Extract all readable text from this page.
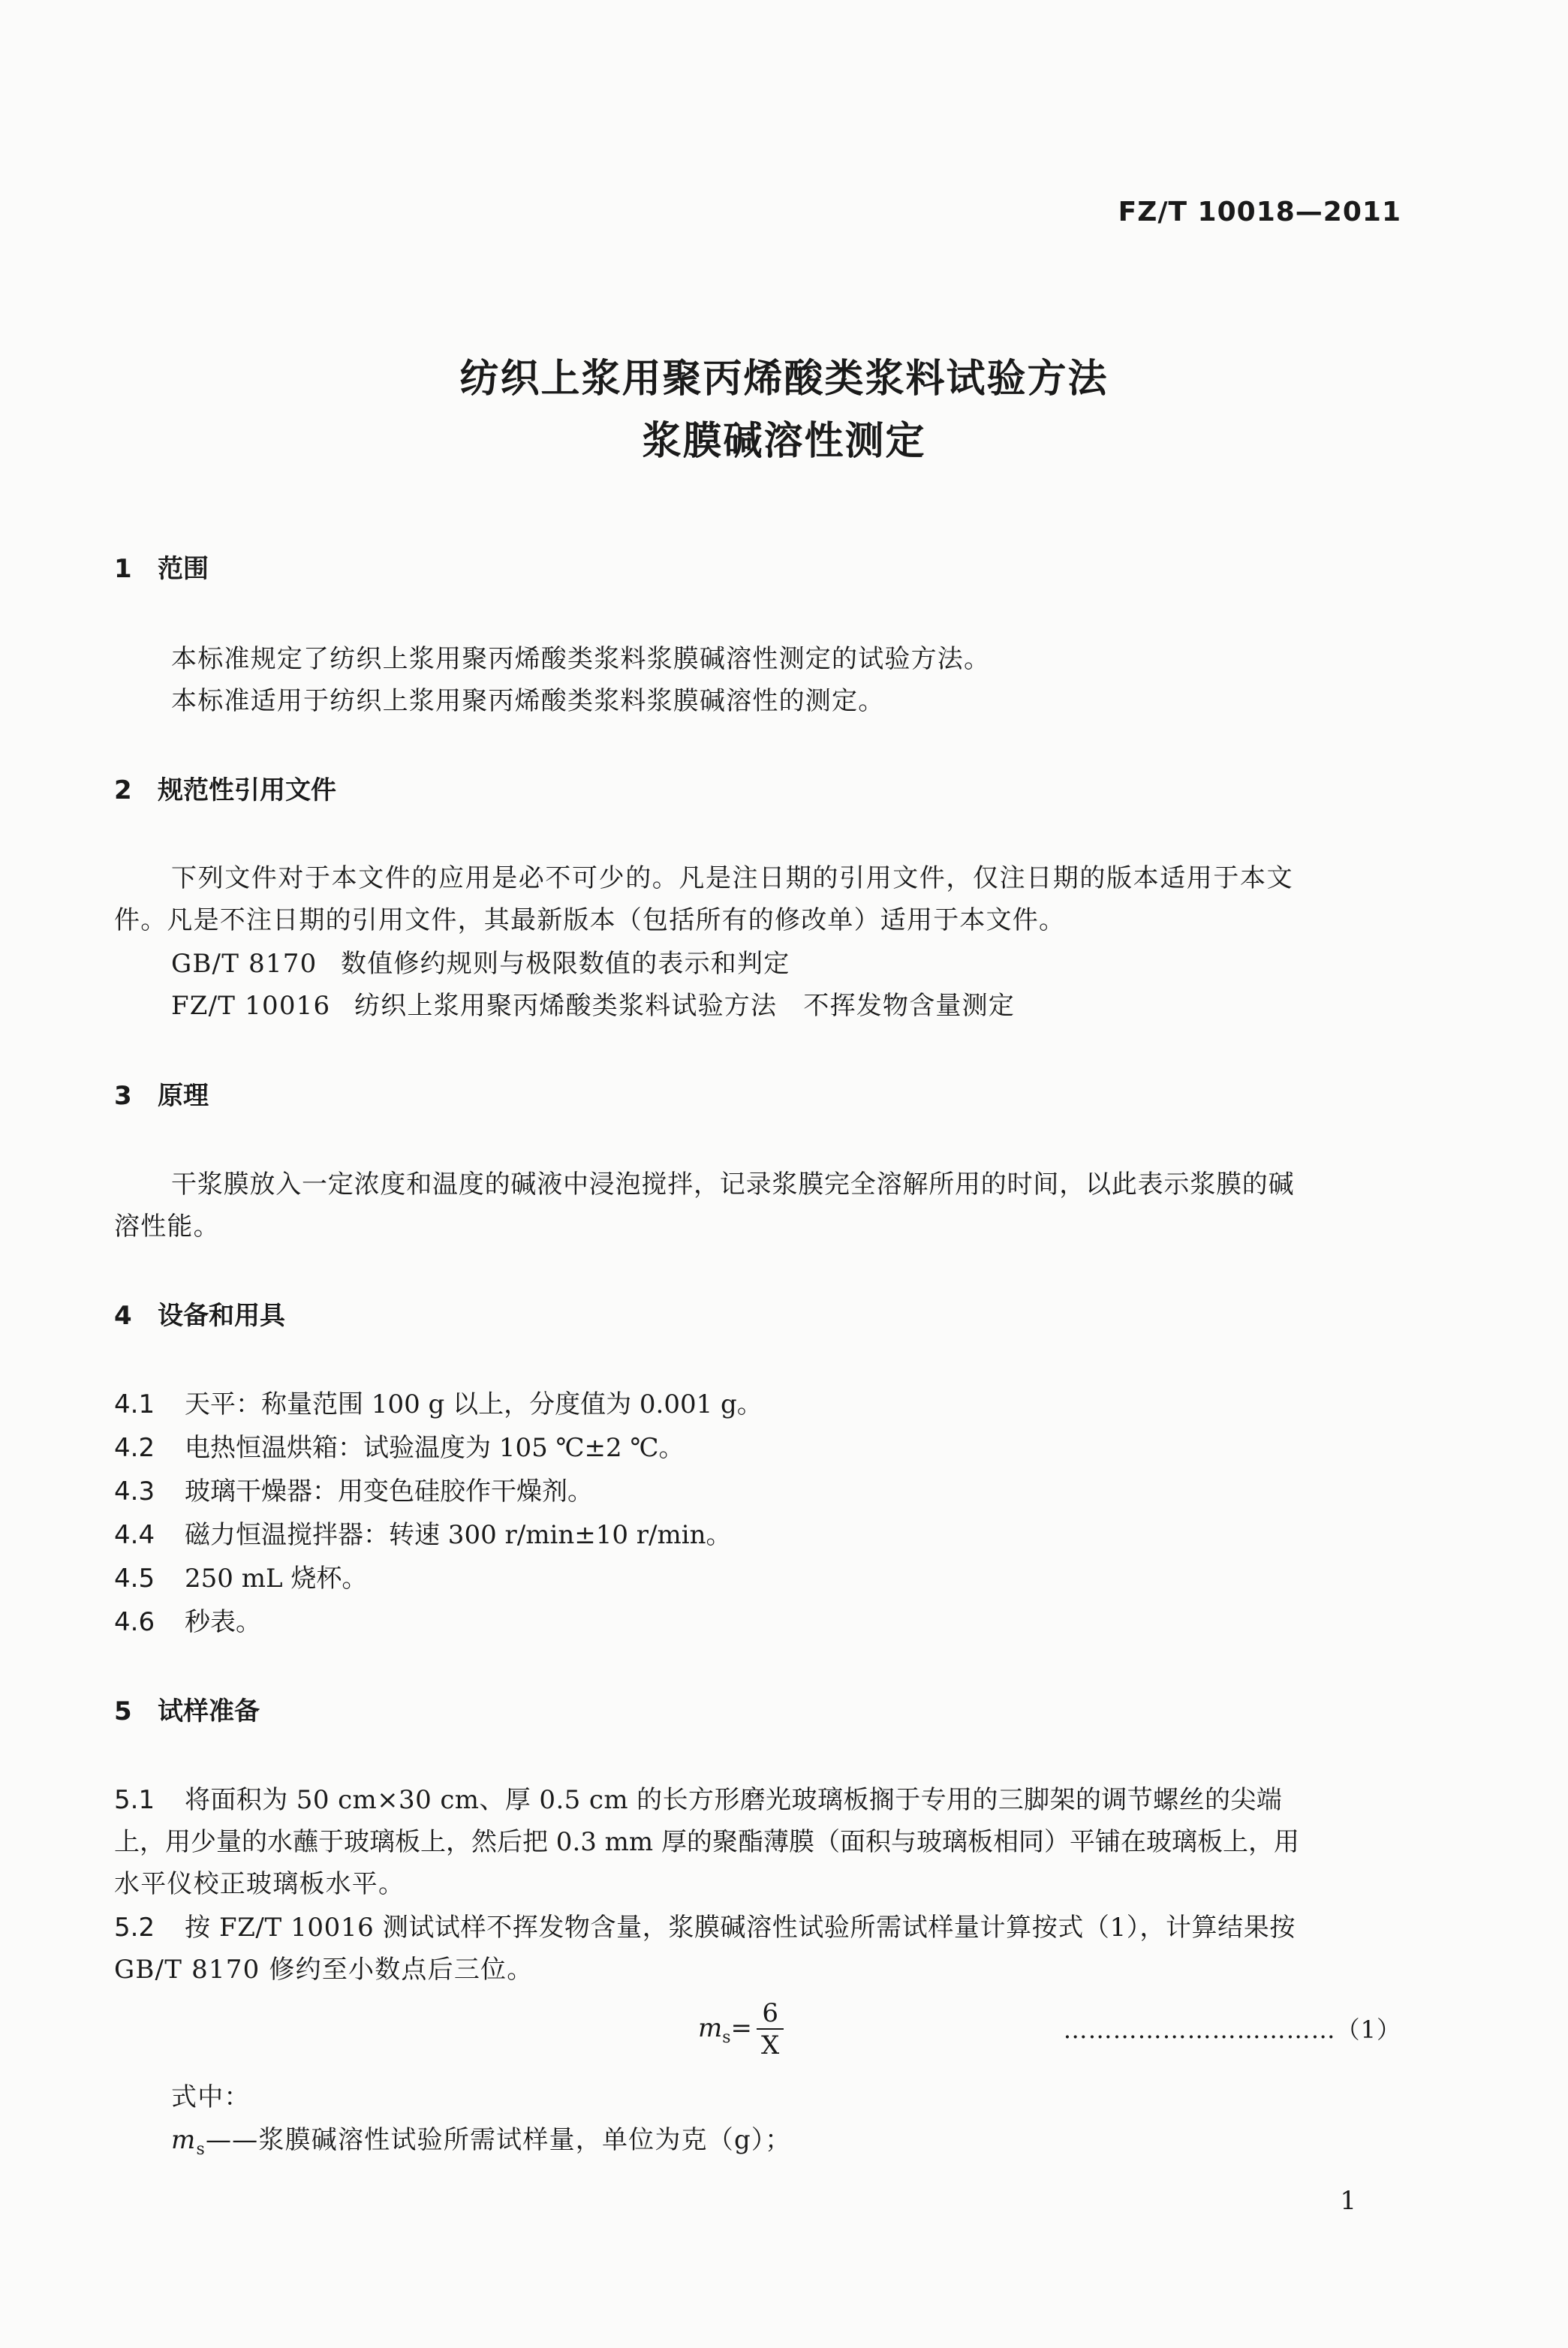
FZ/T 10018—2011
纺织上浆用聚丙烯酸类浆料试验方法
浆膜碱溶性测定
1 范围
本标准规定了纺织上浆用聚丙烯酸类浆料浆膜碱溶性测定的试验方法。
本标准适用于纺织上浆用聚丙烯酸类浆料浆膜碱溶性的测定。
2 规范性引用文件
下列文件对于本文件的应用是必不可少的。凡是注日期的引用文件，仅注日期的版本适用于本文
件。凡是不注日期的引用文件，其最新版本（包括所有的修改单）适用于本文件。
GB/T 8170 数值修约规则与极限数值的表示和判定
FZ/T 10016 纺织上浆用聚丙烯酸类浆料试验方法　不挥发物含量测定
3 原理
干浆膜放入一定浓度和温度的碱液中浸泡搅拌，记录浆膜完全溶解所用的时间，以此表示浆膜的碱
溶性能。
4 设备和用具
4.1 天平：称量范围 100 g 以上，分度值为 0.001 g。
4.2 电热恒温烘箱：试验温度为 105 ℃±2 ℃。
4.3 玻璃干燥器：用变色硅胶作干燥剂。
4.4 磁力恒温搅拌器：转速 300 r/min±10 r/min。
4.5 250 mL 烧杯。
4.6 秒表。
5 试样准备
5.1 将面积为 50 cm×30 cm、厚 0.5 cm 的长方形磨光玻璃板搁于专用的三脚架的调节螺丝的尖端
上，用少量的水蘸于玻璃板上，然后把 0.3 mm 厚的聚酯薄膜（面积与玻璃板相同）平铺在玻璃板上，用
水平仪校正玻璃板水平。
5.2 按 FZ/T 10016 测试试样不挥发物含量，浆膜碱溶性试验所需试样量计算按式（1），计算结果按
GB/T 8170 修约至小数点后三位。
$m_s= \frac{6}{X}$	……………………………（1）
式中：
$m_s——$浆膜碱溶性试验所需试样量，单位为克（g）；
1
